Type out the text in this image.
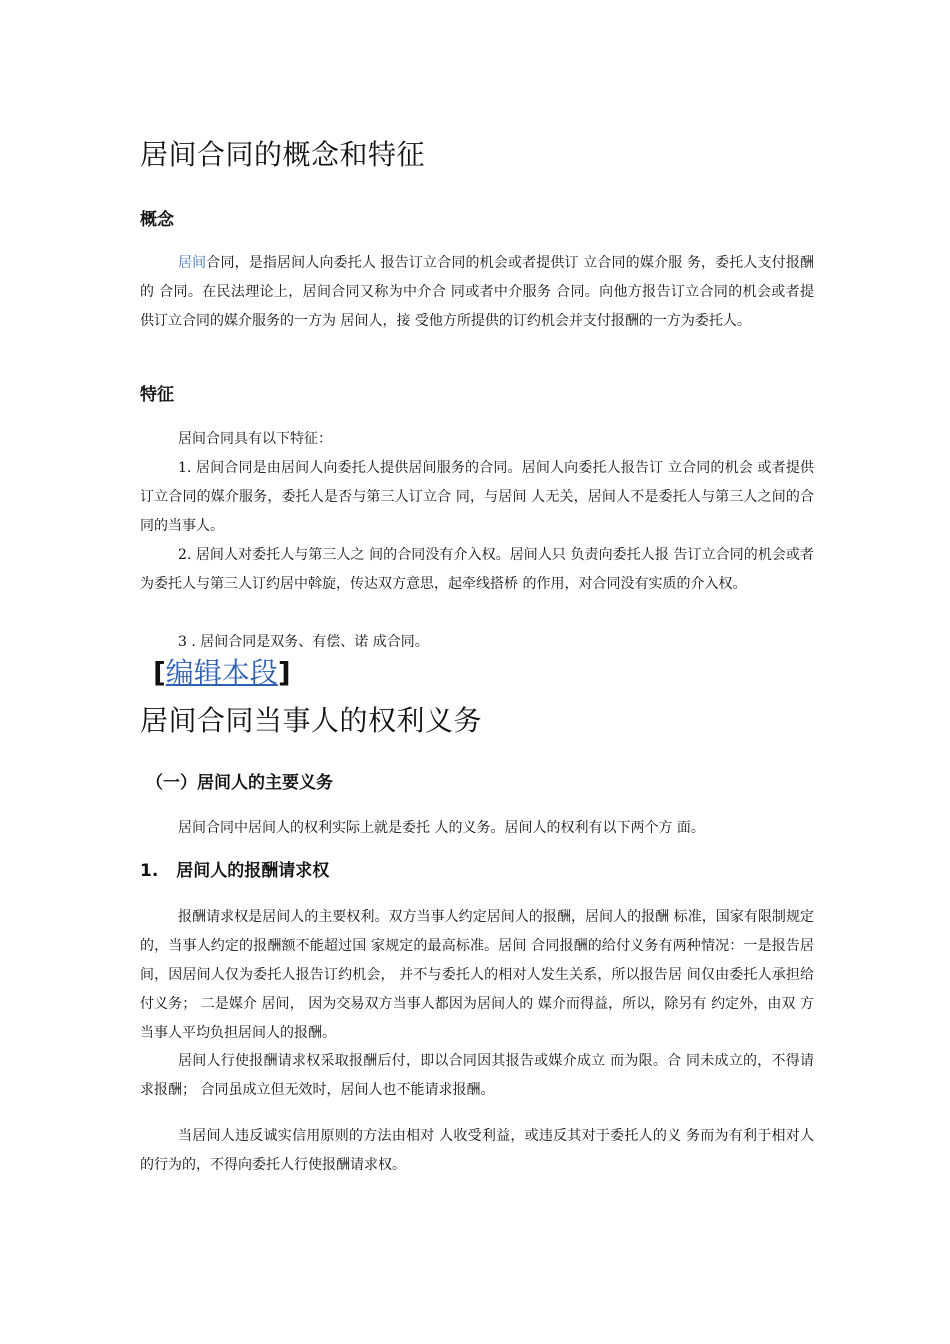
居间合同的概念和特征
概念

居间合同，是指居间人向委托人 报告订立合同的机会或者提供订 立合同的媒介服 务，委托人支付报酬的 合同。在民法理论上，居间合同又称为中介合 同或者中介服务 合同。向他方报告订立合同的机会或者提 供订立合同的媒介服务的一方为 居间人，接 受他方所提供的订约机会并支付报酬的一方为委托人。

特征

居间合同具有以下特征：

1. 居间合同是由居间人向委托人提供居间服务的合同。居间人向委托人报告订 立合同的机会 或者提供订立合同的媒介服务，委托人是否与第三人订立合 同，与居间 人无关，居间人不是委托人与第三人之间的合同的当事人。

2. 居间人对委托人与第三人之 间的合同没有介入权。居间人只 负责向委托人报 告订立合同的机会或者为委托人与第三人订约居中斡旋，传达双方意思，起牵线搭桥 的作用，对合同没有实质的介入权。

3 . 居间合同是双务、有偿、诺 成合同。

[编辑本段]
居间合同当事人的权利义务
（一）居间人的主要义务

居间合同中居间人的权利实际上就是委托 人的义务。居间人的权利有以下两个方 面。

1. 居间人的报酬请求权

报酬请求权是居间人的主要权利。双方当事人约定居间人的报酬，居间人的报酬 标准，国家有限制规定 的，当事人约定的报酬额不能超过国 家规定的最高标准。居间 合同报酬的给付义务有两种情况：一是报告居间，因居间人仅为委托人报告订约机会， 并不与委托人的相对人发生关系，所以报告居 间仅由委托人承担给付义务； 二是媒介 居间， 因为交易双方当事人都因为居间人的 媒介而得益，所以，除另有 约定外，由双 方当事人平均负担居间人的报酬。

居间人行使报酬请求权采取报酬后付，即以合同因其报告或媒介成立 而为限。合 同未成立的，不得请求报酬； 合同虽成立但无效时，居间人也不能请求报酬。

当居间人违反诚实信用原则的方法由相对 人收受利益，或违反其对于委托人的义 务而为有利于相对人的行为的，不得向委托人行使报酬请求权。
